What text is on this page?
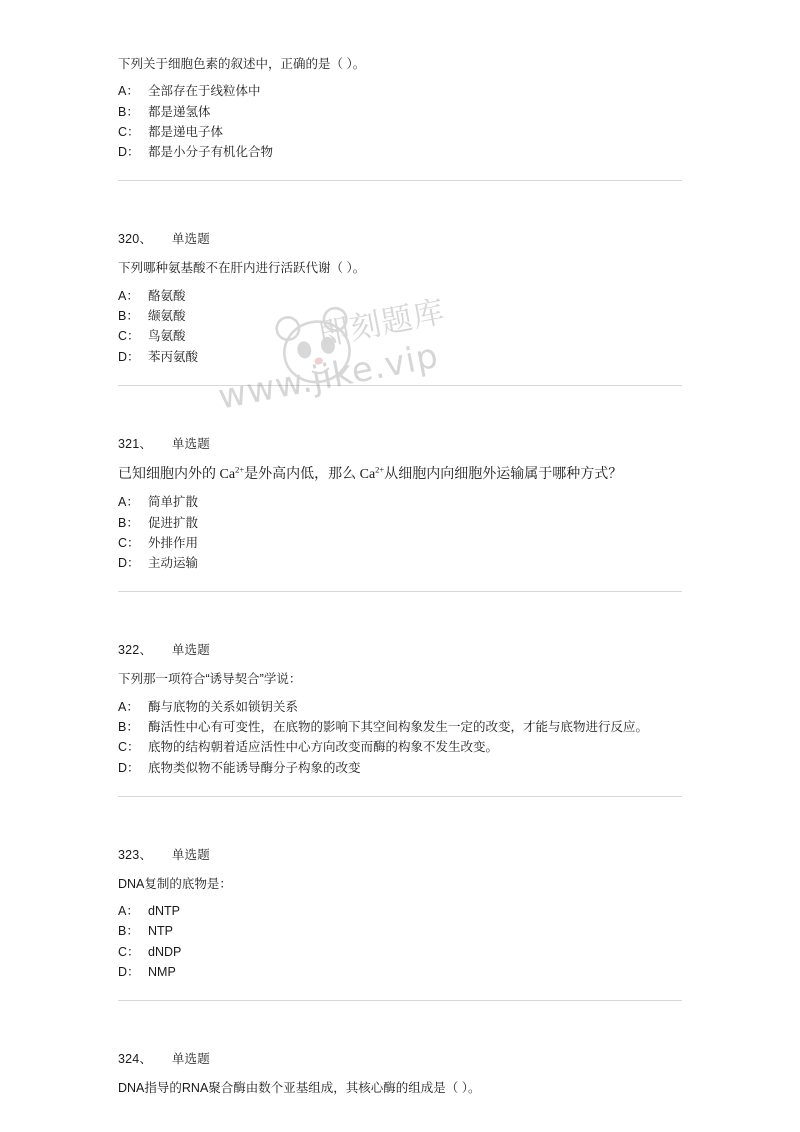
下列关于细胞色素的叙述中，正确的是（ ）。
A： 全部存在于线粒体中
B： 都是递氢体
C： 都是递电子体
D： 都是小分子有机化合物
320、 单选题
下列哪种氨基酸不在肝内进行活跃代谢（ ）。
A： 酪氨酸
B： 缬氨酸
C： 鸟氨酸
D： 苯丙氨酸
321、 单选题
已知细胞内外的 $Ca^{2+}$是外高内低，那么 $Ca^{2+}$从细胞内向细胞外运输属于哪种方式？
A： 简单扩散
B： 促进扩散
C： 外排作用
D： 主动运输
322、 单选题
下列那一项符合“诱导契合”学说：
A： 酶与底物的关系如锁钥关系
B： 酶活性中心有可变性，在底物的影响下其空间构象发生一定的改变，才能与底物进行反应。
C： 底物的结构朝着适应活性中心方向改变而酶的构象不发生改变。
D： 底物类似物不能诱导酶分子构象的改变
323、 单选题
DNA复制的底物是：
A： dNTP
B： NTP
C： dNDP
D： NMP
324、 单选题
DNA指导的RNA聚合酶由数个亚基组成，其核心酶的组成是（ ）。
即刻题库
www.jike.vip
